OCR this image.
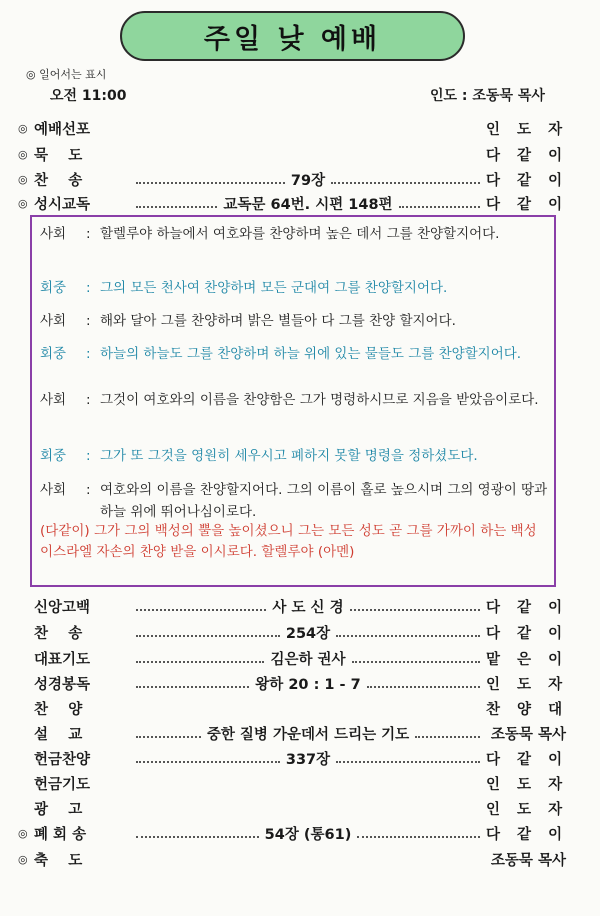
주일 낮 예배
◎ 일어서는 표시
오전 11:00	인도 : 조동묵 목사
◎ 예배선포	인 도 자
◎ 묵    도	다 같 이
◎ 찬    송	79장	다 같 이
◎ 성시교독	교독문 64번. 시편 148편	다 같 이
사회	: 할렐루야 하늘에서 여호와를 찬양하며 높은 데서 그를 찬양할지어다.
회중	: 그의 모든 천사여 찬양하며 모든 군대여 그를 찬양할지어다.
사회	: 해와 달아 그를 찬양하며 밝은 별들아 다 그를 찬양 할지어다.
회중	: 하늘의 하늘도 그를 찬양하며 하늘 위에 있는 물들도 그를 찬양할지어다.
사회	: 그것이 여호와의 이름을 찬양함은 그가 명령하시므로 지음을 받았음이로다.
회중	: 그가 또 그것을 영원히 세우시고 폐하지 못할 명령을 정하셨도다.
사회	: 여호와의 이름을 찬양할지어다. 그의 이름이 홀로 높으시며 그의 영광이 땅과 하늘 위에 뛰어나심이로다.
(다같이) 그가 그의 백성의 뿔을 높이셨으니 그는 모든 성도 곧 그를 가까이 하는 백성 이스라엘 자손의 찬양 받을 이시로다. 할렐루야 (아멘)
신앙고백	사 도 신 경	다 같 이
찬    송	254장	다 같 이
대표기도	김은하 권사	맡 은 이
성경봉독	왕하 20 : 1 - 7	인 도 자
찬    양	찬 양 대
설    교	중한 질병 가운데서 드리는 기도	조동묵 목사
헌금찬양	337장	다 같 이
헌금기도	인 도 자
광    고	인 도 자
◎ 폐 회 송	54장 (통61)	다 같 이
◎ 축    도	조동묵 목사
